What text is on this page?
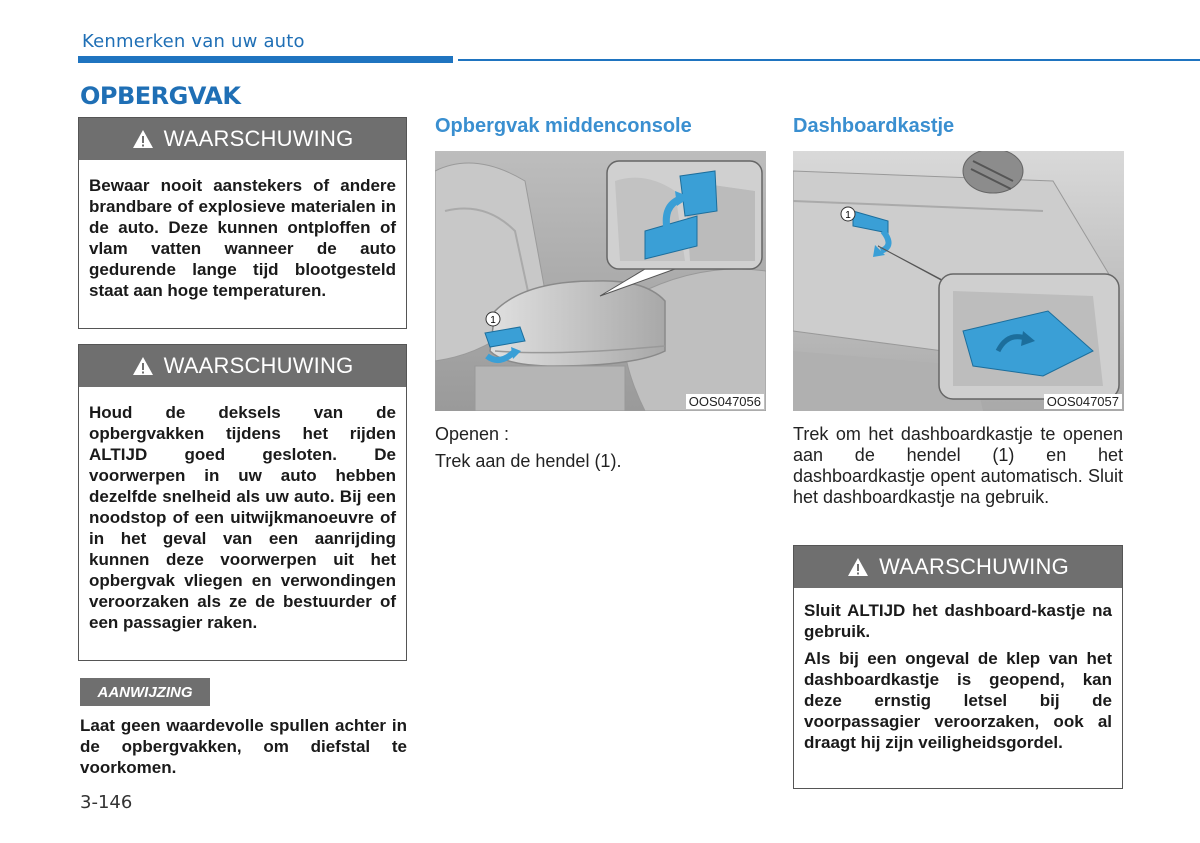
Kenmerken van uw auto
OPBERGVAK
WAARSCHUWING

Bewaar nooit aanstekers of andere brandbare of explosieve materialen in de auto. Deze kunnen ontploffen of vlam vatten wanneer de auto gedurende lange tijd blootgesteld staat aan hoge temperaturen.

WAARSCHUWING

Houd de deksels van de opbergvakken tijdens het rijden ALTIJD goed gesloten. De voorwerpen in uw auto hebben dezelfde snelheid als uw auto. Bij een noodstop of een uitwijkmanoeuvre of in het geval van een aanrijding kunnen deze voorwerpen uit het opbergvak vliegen en verwondingen veroorzaken als ze de bestuurder of een passagier raken.

AANWIJZING
Laat geen waardevolle spullen achter in de opbergvakken, om diefstal te voorkomen.
Opbergvak middenconsole
1
OOS047056
Openen :
Trek aan de hendel (1).
Dashboardkastje
1
OOS047057
Trek om het dashboardkastje te openen aan de hendel (1) en het dashboardkastje opent automatisch. Sluit het dashboardkastje na gebruik.
WAARSCHUWING

Sluit ALTIJD het dashboard-kastje na gebruik.

Als bij een ongeval de klep van het dashboardkastje is geopend, kan deze ernstig letsel bij de voorpassagier veroorzaken, ook al draagt hij zijn veiligheidsgordel.

3-146
